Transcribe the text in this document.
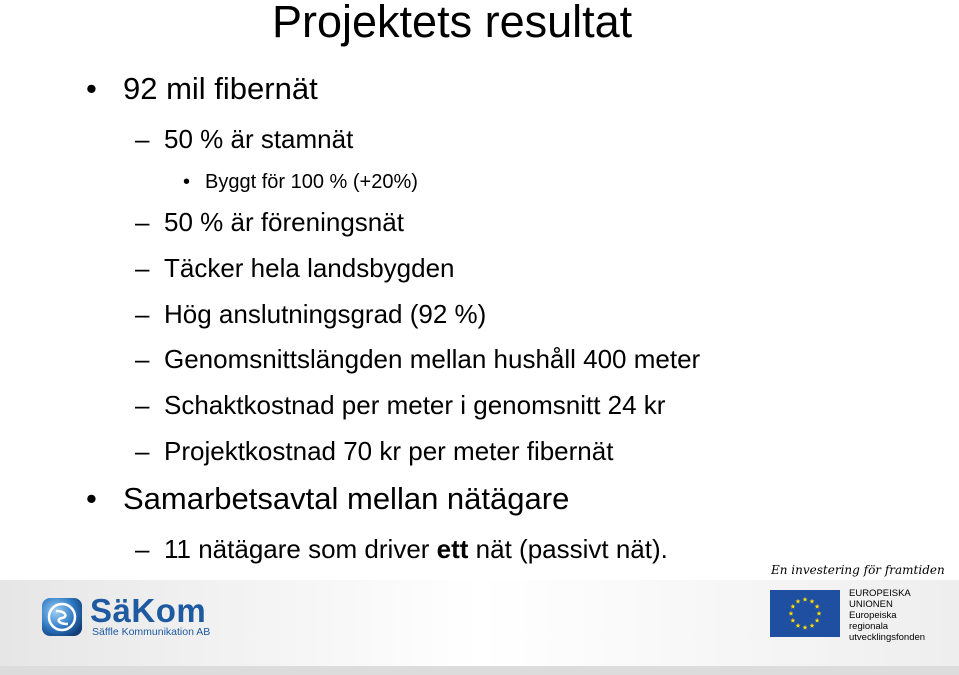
Projektets resultat
• 92 mil fibernät
– 50 % är stamnät
• Byggt för 100 % (+20%)
– 50 % är föreningsnät
– Täcker hela landsbygden
– Hög anslutningsgrad (92 %)
– Genomsnittslängden mellan hushåll 400 meter
– Schaktkostnad per meter i genomsnitt 24 kr
– Projektkostnad 70 kr per meter fibernät
• Samarbetsavtal mellan nätägare
– 11 nätägare som driver ett nät (passivt nät).
SäKom
Säffle Kommunikation AB
En investering för framtiden
EUROPEISKA
UNIONEN
Europeiska
regionala
utvecklingsfonden
